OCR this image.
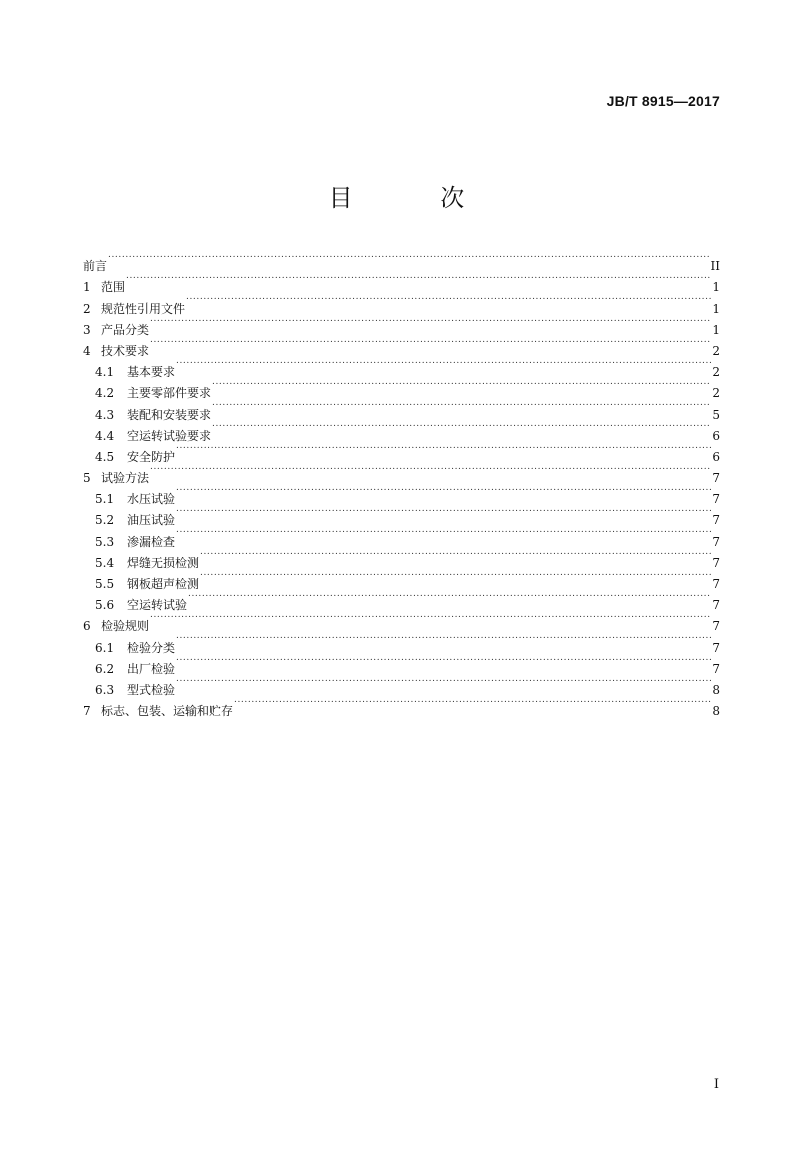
JB/T 8915—2017
目 次
前言 .....	II
1 范围 .....	1
2 规范性引用文件 .....	1
3 产品分类 .....	1
4 技术要求 .....	2
4.1	基本要求 .....	2
4.2	主要零部件要求 .....	2
4.3	装配和安装要求 .....	5
4.4	空运转试验要求 .....	6
4.5	安全防护 .....	6
5 试验方法 .....	7
5.1	水压试验 .....	7
5.2	油压试验 .....	7
5.3	渗漏检查 .....	7
5.4	焊缝无损检测 .....	7
5.5	钢板超声检测 .....	7
5.6	空运转试验 .....	7
6 检验规则 .....	7
6.1	检验分类 .....	7
6.2	出厂检验 .....	7
6.3	型式检验 .....	8
7 标志、包装、运输和贮存 .....	8
I
